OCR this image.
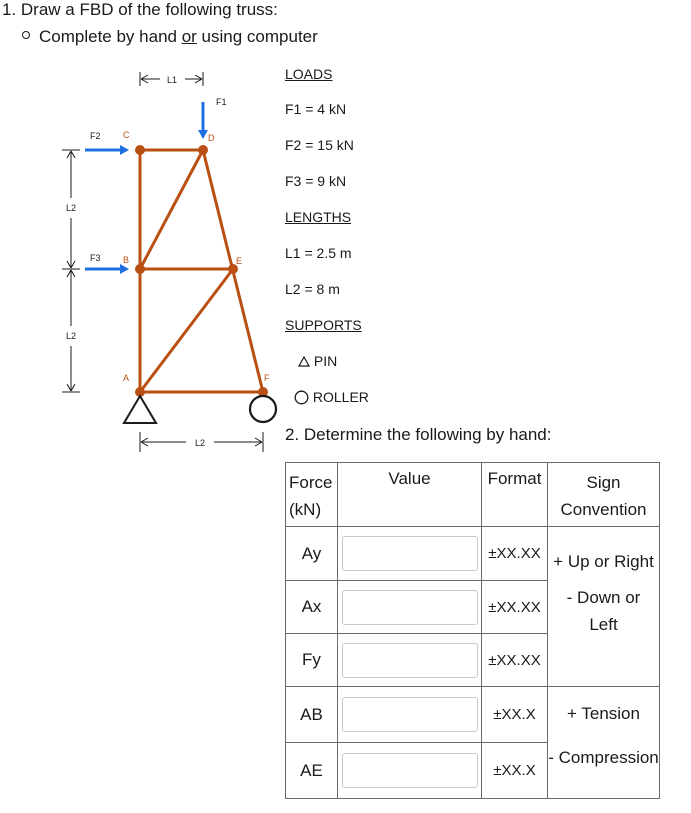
1. Draw a FBD of the following truss:
Complete by hand or using computer
L1
L2
L2
L2
F1
F2
F3
C	D
B	E
A	F
LOADS
F1 = 4 kN
F2 = 15 kN
F3 = 9 kN
LENGTHS
L1 = 2.5 m
L2 = 8 m
SUPPORTS
PIN
ROLLER
2. Determine the following by hand:
Force (kN)	Value	Format	Sign Convention
Ay		±XX.XX	+ Up or Right
- Down or Left

Ax		±XX.XX	
Fy		±XX.XX	
AB		±XX.X	+ Tension
- Compression

AE		±XX.X	
